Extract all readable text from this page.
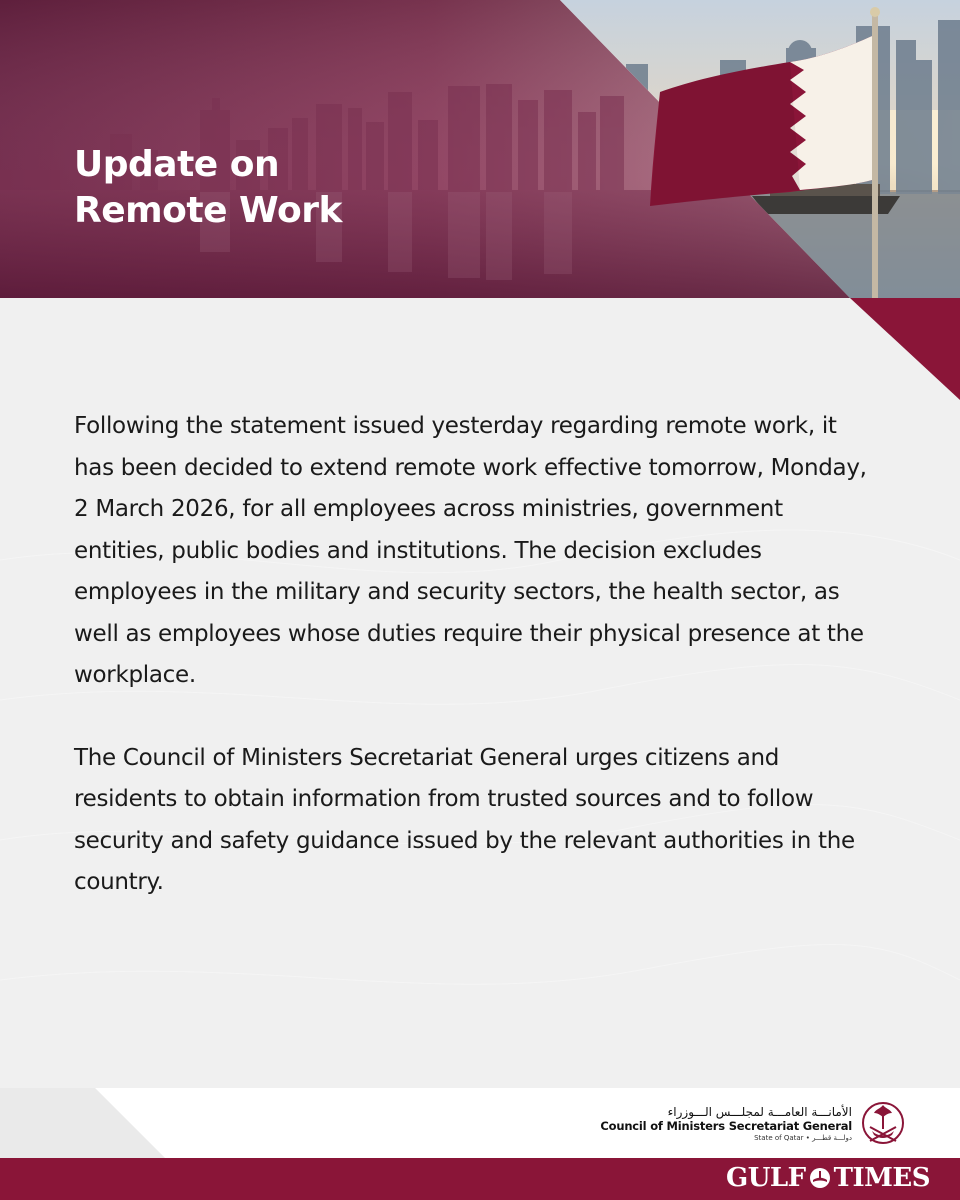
Update on
Remote Work

Following the statement issued yesterday regarding remote work, it has been decided to extend remote work effective tomorrow, Monday, 2 March 2026, for all employees across ministries, government entities, public bodies and institutions. The decision excludes employees in the military and security sectors, the health sector, as well as employees whose duties require their physical presence at the workplace.

The Council of Ministers Secretariat General urges citizens and residents to obtain information from trusted sources and to follow security and safety guidance issued by the relevant authorities in the country.

الأمانـــة العامـــة لمجلـــس الـــوزراء
Council of Ministers Secretariat General
State of Qatar • دولـــة قطـــر
GULF TIMES
